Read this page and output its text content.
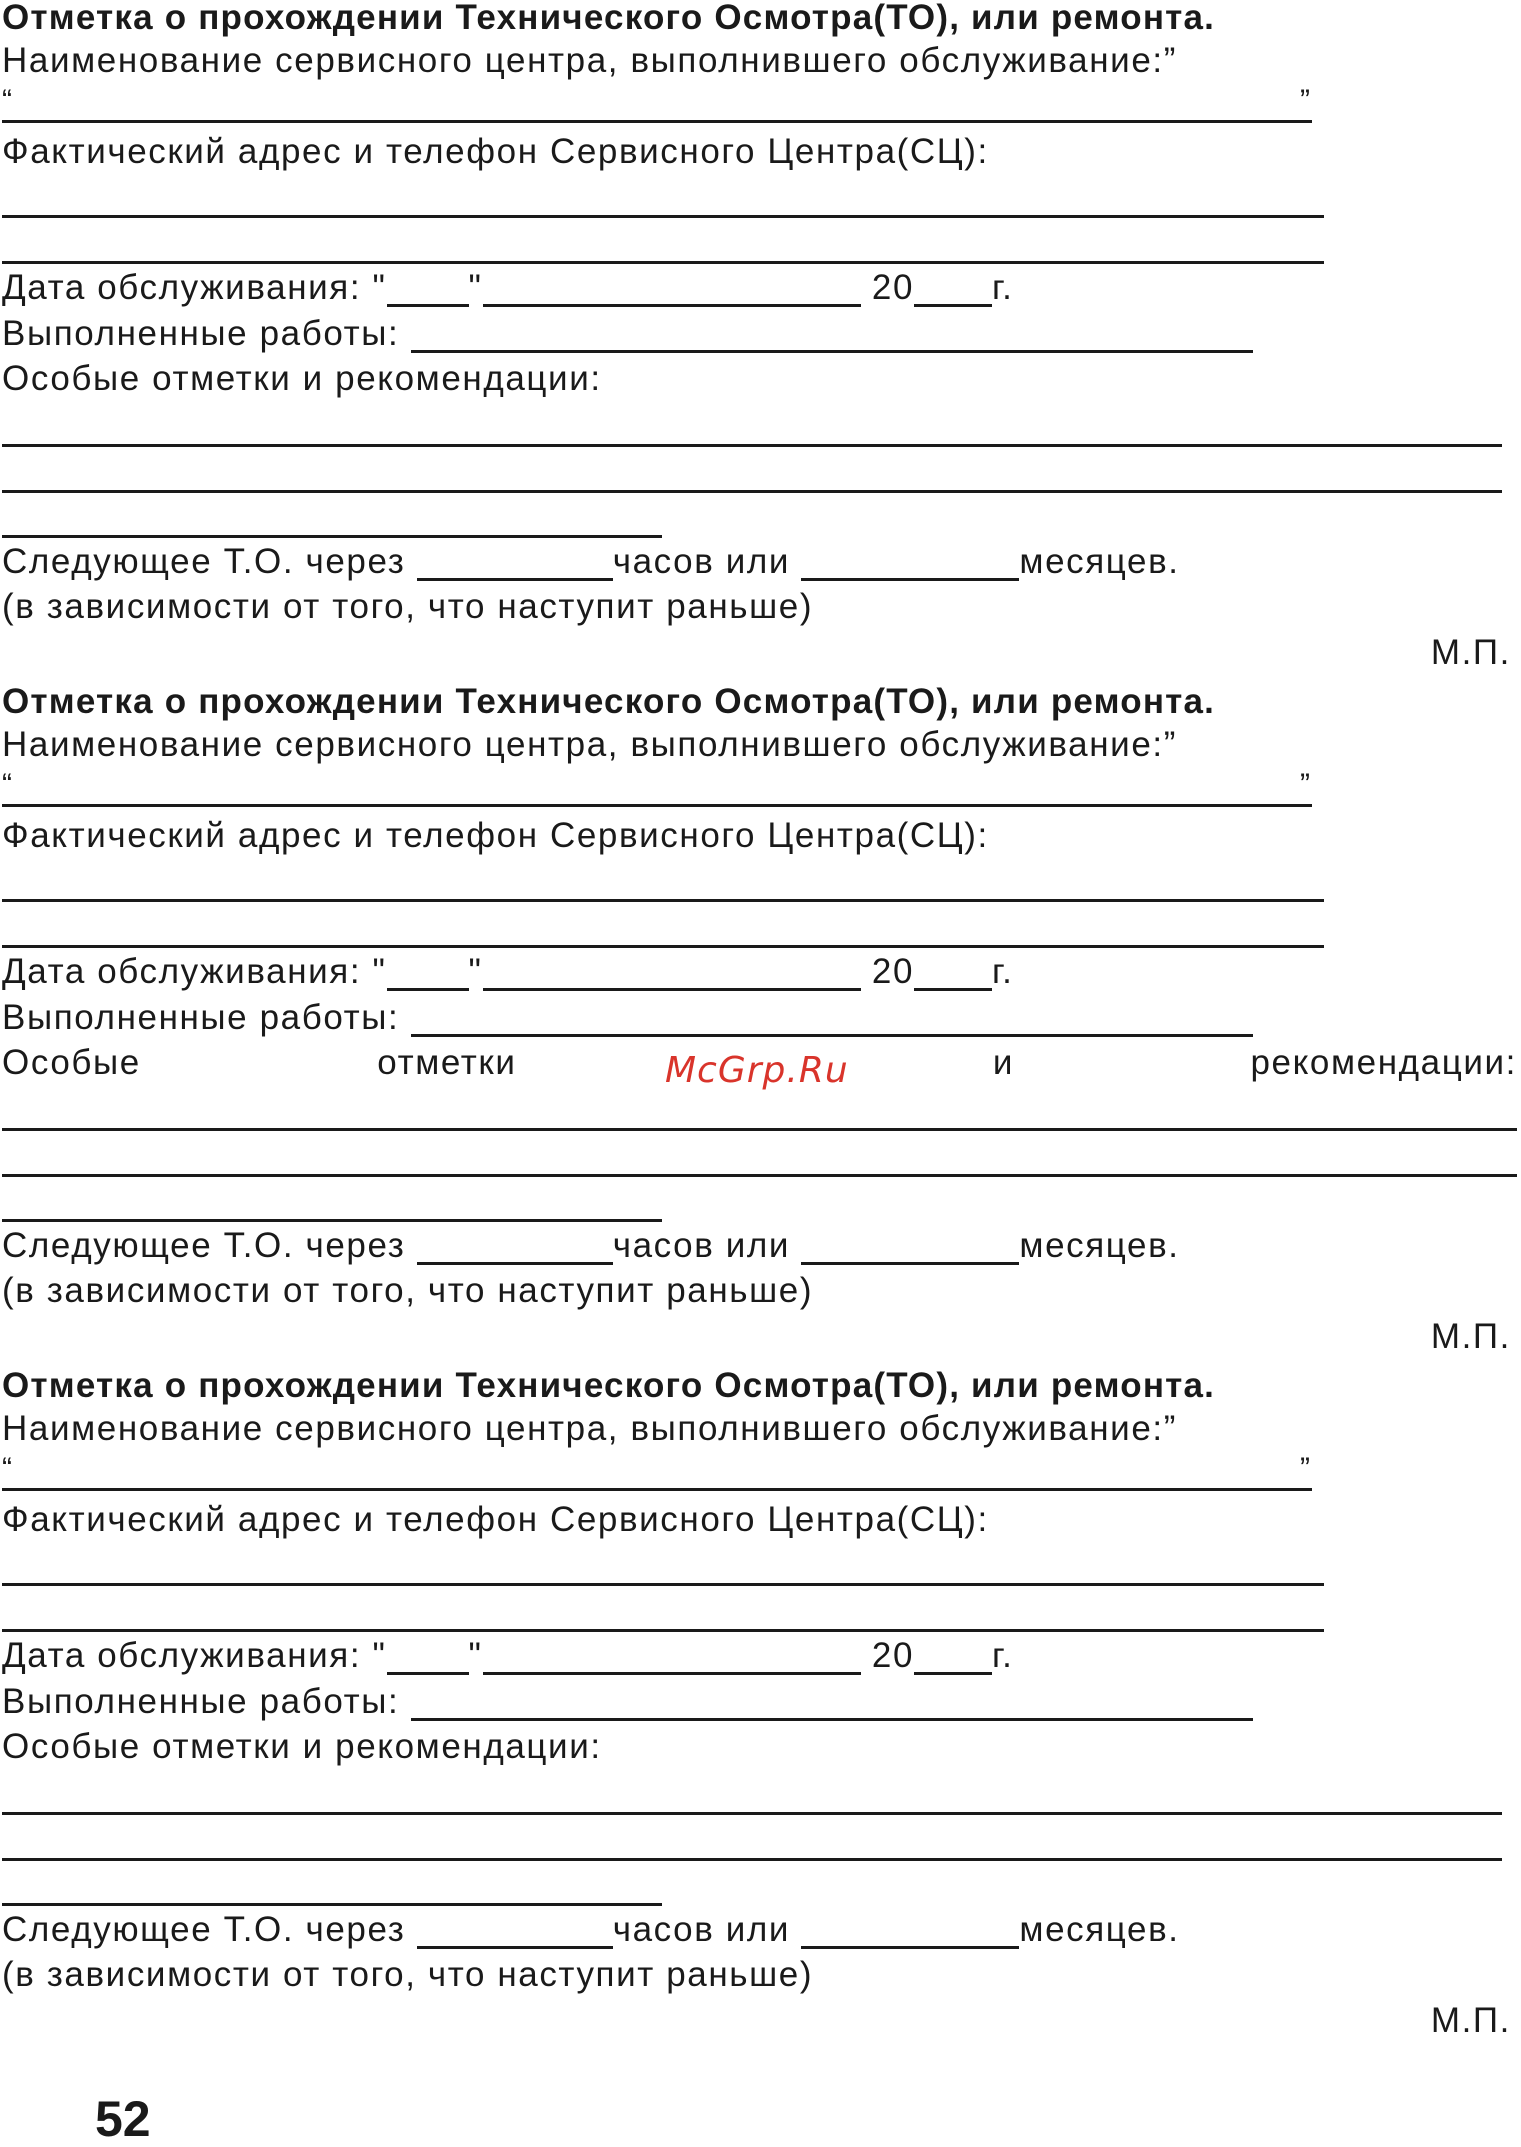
Отметка о прохождении Технического Осмотра(ТО), или ремонта.
Наименование сервисного центра, выполнившего обслуживание:”
“	”
Фактический адрес и телефон Сервисного Центра(СЦ):
Дата обслуживания: " "	20 г.
Выполненные работы:
Особые отметки и рекомендации:
Следующее Т.О. через	часов или	месяцев.
(в зависимости от того, что наступит раньше)
М.П.
Отметка о прохождении Технического Осмотра(ТО), или ремонта.
Наименование сервисного центра, выполнившего обслуживание:”
“	”
Фактический адрес и телефон Сервисного Центра(СЦ):
Дата обслуживания: " "	20 г.
Выполненные работы:
Особые	отметки	и	рекомендации:
Следующее Т.О. через	часов или	месяцев.
(в зависимости от того, что наступит раньше)
М.П.
Отметка о прохождении Технического Осмотра(ТО), или ремонта.
Наименование сервисного центра, выполнившего обслуживание:”
“	”
Фактический адрес и телефон Сервисного Центра(СЦ):
Дата обслуживания: " "	20 г.
Выполненные работы:
Особые отметки и рекомендации:
Следующее Т.О. через	часов или	месяцев.
(в зависимости от того, что наступит раньше)
М.П.
McGrp.Ru
52
